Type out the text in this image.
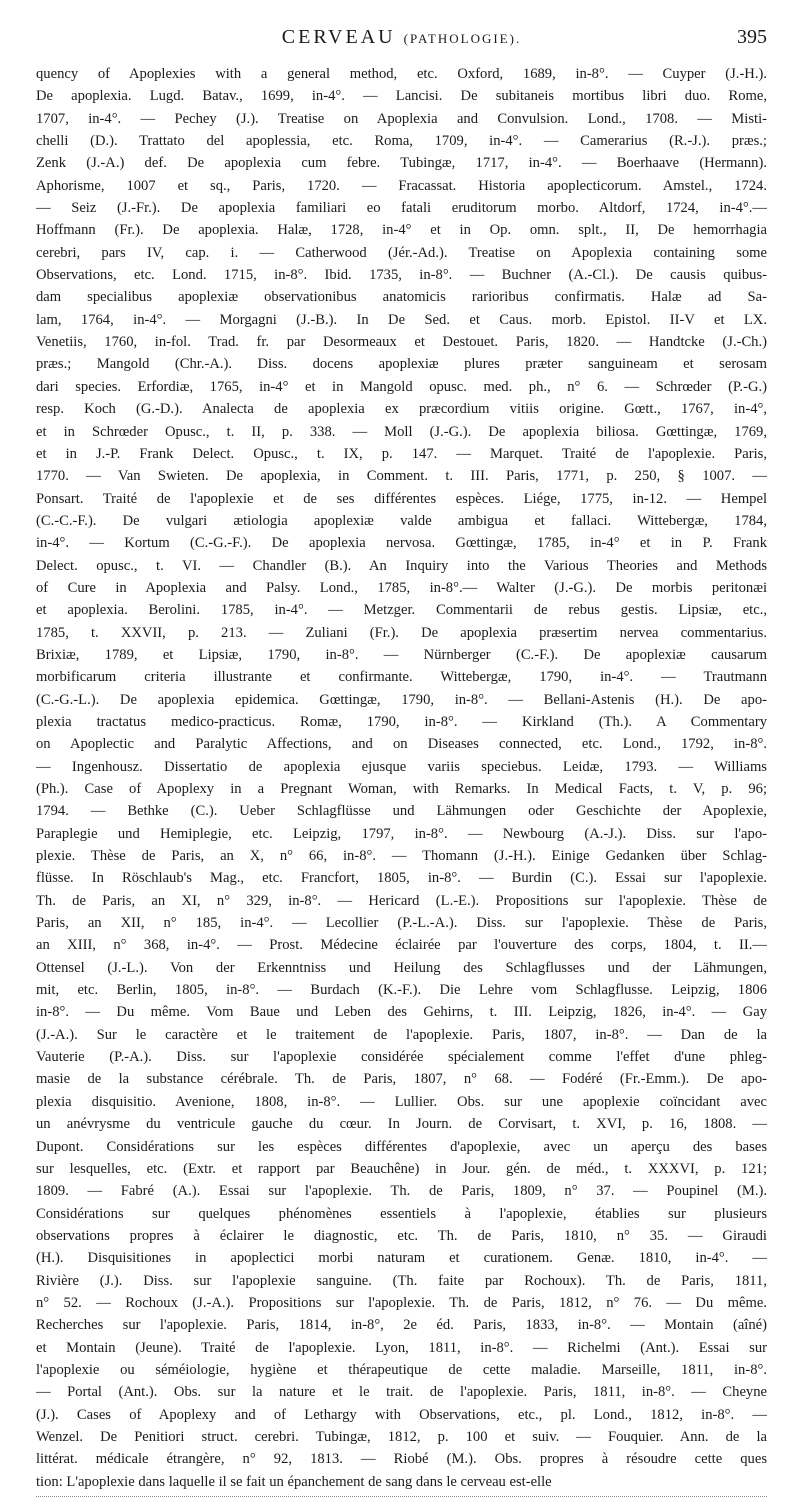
CERVEAU (PATHOLOGIE).	395
quency of Apoplexies with a general method, etc. Oxford, 1689, in-8°. — Cuyper (J.-H.).
De apoplexia. Lugd. Batav., 1699, in-4°. — Lancisi. De subitaneis mortibus libri duo. Rome,
1707, in-4°. — Pechey (J.). Treatise on Apoplexia and Convulsion. Lond., 1708. — Misti-
chelli (D.). Trattato del apoplessia, etc. Roma, 1709, in-4°. — Camerarius (R.-J.). præs.;
Zenk (J.-A.) def. De apoplexia cum febre. Tubingæ, 1717, in-4°. — Boerhaave (Hermann).
Aphorisme, 1007 et sq., Paris, 1720. — Fracassat. Historia apoplecticorum. Amstel., 1724.
— Seiz (J.-Fr.). De apoplexia familiari eo fatali eruditorum morbo. Altdorf, 1724, in-4°.—
Hoffmann (Fr.). De apoplexia. Halæ, 1728, in-4° et in Op. omn. splt., II, De hemorrhagia
cerebri, pars IV, cap. i. — Catherwood (Jér.-Ad.). Treatise on Apoplexia containing some
Observations, etc. Lond. 1715, in-8°. Ibid. 1735, in-8°. — Buchner (A.-Cl.). De causis quibus-
dam specialibus apoplexiæ observationibus anatomicis rarioribus confirmatis. Halæ ad Sa-
lam, 1764, in-4°. — Morgagni (J.-B.). In De Sed. et Caus. morb. Epistol. II-V et LX.
Venetiis, 1760, in-fol. Trad. fr. par Desormeaux et Destouet. Paris, 1820. — Handtcke (J.-Ch.)
præs.; Mangold (Chr.-A.). Diss. docens apoplexiæ plures præter sanguineam et serosam
dari species. Erfordiæ, 1765, in-4° et in Mangold opusc. med. ph., n° 6. — Schrœder (P.-G.)
resp. Koch (G.-D.). Analecta de apoplexia ex præcordium vitiis origine. Gœtt., 1767, in-4°,
et in Schrœder Opusc., t. II, p. 338. — Moll (J.-G.). De apoplexia biliosa. Gœttingæ, 1769,
et in J.-P. Frank Delect. Opusc., t. IX, p. 147. — Marquet. Traité de l'apoplexie. Paris,
1770. — Van Swieten. De apoplexia, in Comment. t. III. Paris, 1771, p. 250, § 1007. —
Ponsart. Traité de l'apoplexie et de ses différentes espèces. Liége, 1775, in-12. — Hempel
(C.-C.-F.). De vulgari ætiologia apoplexiæ valde ambigua et fallaci. Wittebergæ, 1784,
in-4°. — Kortum (C.-G.-F.). De apoplexia nervosa. Gœttingæ, 1785, in-4° et in P. Frank
Delect. opusc., t. VI. — Chandler (B.). An Inquiry into the Various Theories and Methods
of Cure in Apoplexia and Palsy. Lond., 1785, in-8°.— Walter (J.-G.). De morbis peritonæi
et apoplexia. Berolini. 1785, in-4°. — Metzger. Commentarii de rebus gestis. Lipsiæ, etc.,
1785, t. XXVII, p. 213. — Zuliani (Fr.). De apoplexia præsertim nervea commentarius.
Brixiæ, 1789, et Lipsiæ, 1790, in-8°. — Nürnberger (C.-F.). De apoplexiæ causarum
morbificarum criteria illustrante et confirmante. Wittebergæ, 1790, in-4°. — Trautmann
(C.-G.-L.). De apoplexia epidemica. Gœttingæ, 1790, in-8°. — Bellani-Astenis (H.). De apo-
plexia tractatus medico-practicus. Romæ, 1790, in-8°. — Kirkland (Th.). A Commentary
on Apoplectic and Paralytic Affections, and on Diseases connected, etc. Lond., 1792, in-8°.
— Ingenhousz. Dissertatio de apoplexia ejusque variis speciebus. Leidæ, 1793. — Williams
(Ph.). Case of Apoplexy in a Pregnant Woman, with Remarks. In Medical Facts, t. V, p. 96;
1794. — Bethke (C.). Ueber Schlagflüsse und Lähmungen oder Geschichte der Apoplexie,
Paraplegie und Hemiplegie, etc. Leipzig, 1797, in-8°. — Newbourg (A.-J.). Diss. sur l'apo-
plexie. Thèse de Paris, an X, n° 66, in-8°. — Thomann (J.-H.). Einige Gedanken über Schlag-
flüsse. In Röschlaub's Mag., etc. Francfort, 1805, in-8°. — Burdin (C.). Essai sur l'apoplexie.
Th. de Paris, an XI, n° 329, in-8°. — Hericard (L.-E.). Propositions sur l'apoplexie. Thèse de
Paris, an XII, n° 185, in-4°. — Lecollier (P.-L.-A.). Diss. sur l'apoplexie. Thèse de Paris,
an XIII, n° 368, in-4°. — Prost. Médecine éclairée par l'ouverture des corps, 1804, t. II.—
Ottensel (J.-L.). Von der Erkenntniss und Heilung des Schlagflusses und der Lähmungen,
mit, etc. Berlin, 1805, in-8°. — Burdach (K.-F.). Die Lehre vom Schlagflusse. Leipzig, 1806
in-8°. — Du même. Vom Baue und Leben des Gehirns, t. III. Leipzig, 1826, in-4°. — Gay
(J.-A.). Sur le caractère et le traitement de l'apoplexie. Paris, 1807, in-8°. — Dan de la
Vauterie (P.-A.). Diss. sur l'apoplexie considérée spécialement comme l'effet d'une phleg-
masie de la substance cérébrale. Th. de Paris, 1807, n° 68. — Fodéré (Fr.-Emm.). De apo-
plexia disquisitio. Avenione, 1808, in-8°. — Lullier. Obs. sur une apoplexie coïncidant avec
un anévrysme du ventricule gauche du cœur. In Journ. de Corvisart, t. XVI, p. 16, 1808. —
Dupont. Considérations sur les espèces différentes d'apoplexie, avec un aperçu des bases
sur lesquelles, etc. (Extr. et rapport par Beauchêne) in Jour. gén. de méd., t. XXXVI, p. 121;
1809. — Fabré (A.). Essai sur l'apoplexie. Th. de Paris, 1809, n° 37. — Poupinel (M.).
Considérations sur quelques phénomènes essentiels à l'apoplexie, établies sur plusieurs
observations propres à éclairer le diagnostic, etc. Th. de Paris, 1810, n° 35. — Giraudi
(H.). Disquisitiones in apoplectici morbi naturam et curationem. Genæ. 1810, in-4°. —
Rivière (J.). Diss. sur l'apoplexie sanguine. (Th. faite par Rochoux). Th. de Paris, 1811,
n° 52. — Rochoux (J.-A.). Propositions sur l'apoplexie. Th. de Paris, 1812, n° 76. — Du même.
Recherches sur l'apoplexie. Paris, 1814, in-8°, 2e éd. Paris, 1833, in-8°. — Montain (aîné)
et Montain (Jeune). Traité de l'apoplexie. Lyon, 1811, in-8°. — Richelmi (Ant.). Essai sur
l'apoplexie ou séméiologie, hygiène et thérapeutique de cette maladie. Marseille, 1811, in-8°.
— Portal (Ant.). Obs. sur la nature et le trait. de l'apoplexie. Paris, 1811, in-8°. — Cheyne
(J.). Cases of Apoplexy and of Lethargy with Observations, etc., pl. Lond., 1812, in-8°. —
Wenzel. De Penitiori struct. cerebri. Tubingæ, 1812, p. 100 et suiv. — Fouquier. Ann. de la
littérat. médicale étrangère, n° 92, 1813. — Riobé (M.). Obs. propres à résoudre cette ques
tion: L'apoplexie dans laquelle il se fait un épanchement de sang dans le cerveau est-elle
